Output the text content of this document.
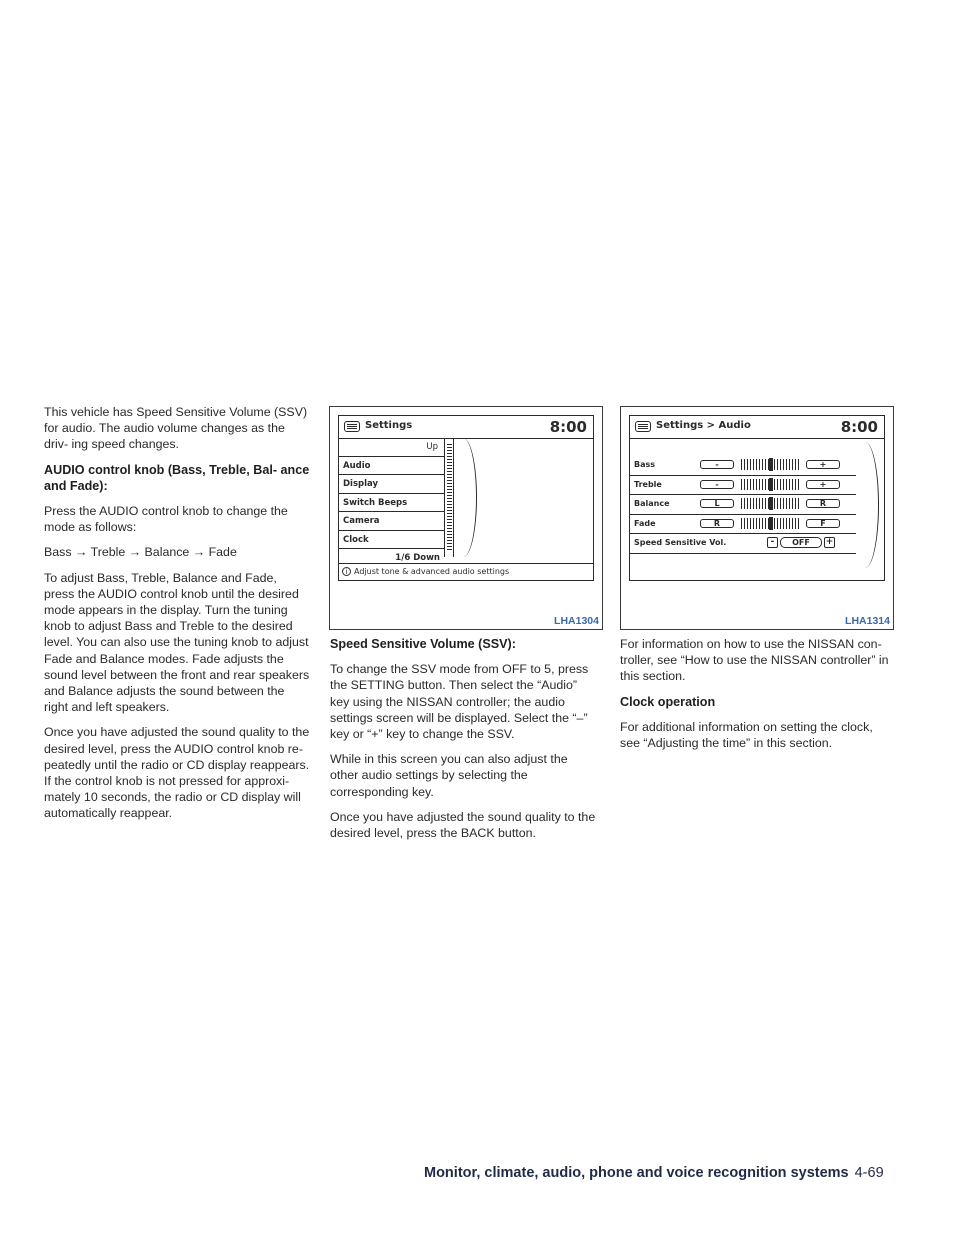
This vehicle has Speed Sensitive Volume (SSV) for audio. The audio volume changes as the driv- ing speed changes.

AUDIO control knob (Bass, Treble, Bal- ance and Fade):

Press the AUDIO control knob to change the mode as follows:

Bass → Treble → Balance → Fade

To adjust Bass, Treble, Balance and Fade, press the AUDIO control knob until the desired mode appears in the display. Turn the tuning knob to adjust Bass and Treble to the desired level. You can also use the tuning knob to adjust Fade and Balance modes. Fade adjusts the sound level between the front and rear speakers and Balance adjusts the sound between the right and left speakers.

Once you have adjusted the sound quality to the desired level, press the AUDIO control knob re- peatedly until the radio or CD display reappears. If the control knob is not pressed for approxi- mately 10 seconds, the radio or CD display will automatically reappear.

Settings	8:00
Up
Audio
Display
Switch Beeps
Camera
Clock
1/6 Down
i Adjust tone & advanced audio settings
LHA1304
Settings > Audio	8:00
Bass	-	+
Treble	-	+
Balance	L	R
Fade	R	F
Speed Sensitive Vol.	-	OFF	+
LHA1314
Speed Sensitive Volume (SSV):

To change the SSV mode from OFF to 5, press the SETTING button. Then select the “Audio” key using the NISSAN controller; the audio settings screen will be displayed. Select the “–” key or “+” key to change the SSV.

While in this screen you can also adjust the other audio settings by selecting the corresponding key.

Once you have adjusted the sound quality to the desired level, press the BACK button.

For information on how to use the NISSAN con- troller, see “How to use the NISSAN controller” in this section.

Clock operation

For additional information on setting the clock, see “Adjusting the time” in this section.

Monitor, climate, audio, phone and voice recognition systems 4-69
